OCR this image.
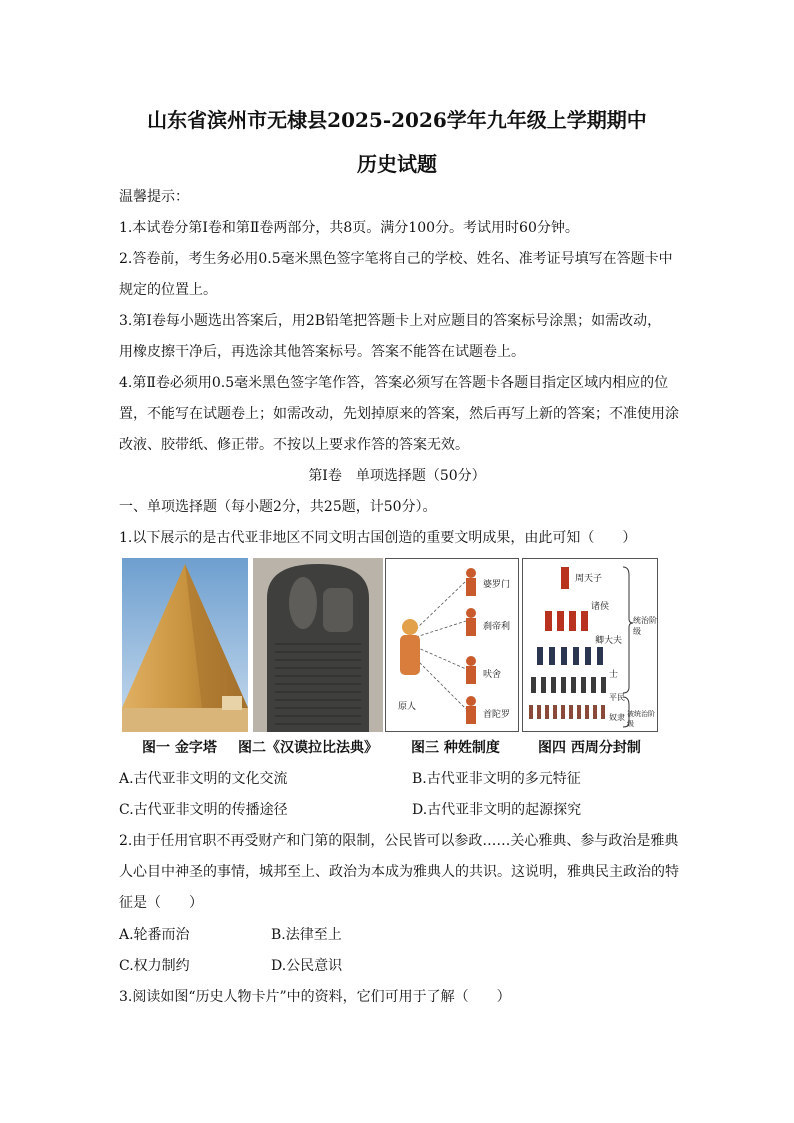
山东省滨州市无棣县2025-2026学年九年级上学期期中
历史试题
温馨提示：
1.本试卷分第Ⅰ卷和第Ⅱ卷两部分，共8页。满分100分。考试用时60分钟。
2.答卷前，考生务必用0.5毫米黑色签字笔将自己的学校、姓名、准考证号填写在答题卡中
规定的位置上。
3.第Ⅰ卷每小题选出答案后，用2B铅笔把答题卡上对应题目的答案标号涂黑；如需改动，
用橡皮擦干净后，再选涂其他答案标号。答案不能答在试题卷上。
4.第Ⅱ卷必须用0.5毫米黑色签字笔作答，答案必须写在答题卡各题目指定区域内相应的位
置，不能写在试题卷上；如需改动，先划掉原来的答案，然后再写上新的答案；不准使用涂
改液、胶带纸、修正带。不按以上要求作答的答案无效。
第Ⅰ卷　单项选择题（50分）
一、单项选择题（每小题2分，共25题，计50分）。
1.以下展示的是古代亚非地区不同文明古国创造的重要文明成果，由此可知（　　）
婆罗门
刹帝利
吠舍
首陀罗
原人
周天子
诸侯
卿大夫
士
平民
奴隶
统治阶级
被统治阶级
图一 金字塔 图二《汉谟拉比法典》 图三 种姓制度	图四 西周分封制
A.古代亚非文明的文化交流	B.古代亚非文明的多元特征
C.古代亚非文明的传播途径	D.古代亚非文明的起源探究
2.由于任用官职不再受财产和门第的限制，公民皆可以参政……关心雅典、参与政治是雅典
人心目中神圣的事情，城邦至上、政治为本成为雅典人的共识。这说明，雅典民主政治的特
征是（　　）
A.轮番而治	B.法律至上
C.权力制约	D.公民意识
3.阅读如图“历史人物卡片”中的资料，它们可用于了解（　　）
